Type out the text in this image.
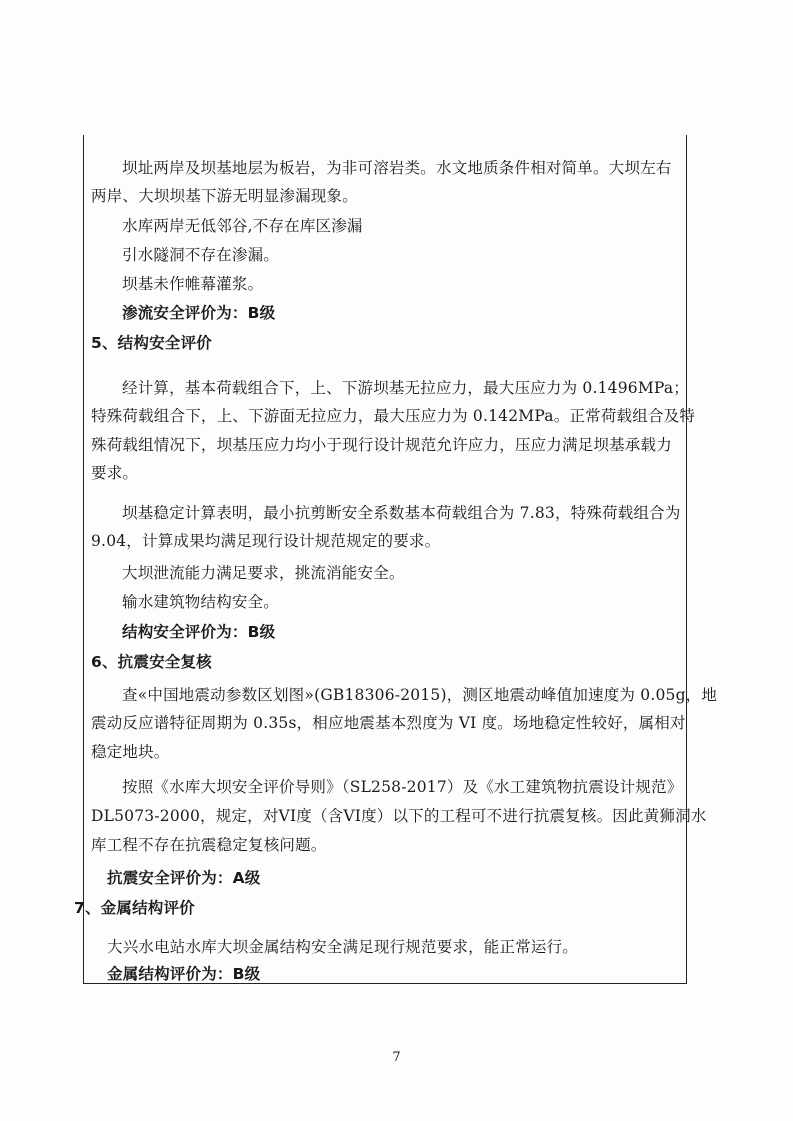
坝址两岸及坝基地层为板岩，为非可溶岩类。水文地质条件相对简单。大坝左右
两岸、大坝坝基下游无明显渗漏现象。
水库两岸无低邻谷,不存在库区渗漏
引水隧洞不存在渗漏。
坝基未作帷幕灌浆。
渗流安全评价为：B级
5、结构安全评价
经计算，基本荷载组合下，上、下游坝基无拉应力，最大压应力为 0.1496MPa；
特殊荷载组合下，上、下游面无拉应力，最大压应力为 0.142MPa。正常荷载组合及特
殊荷载组情况下，坝基压应力均小于现行设计规范允许应力，压应力满足坝基承载力
要求。
坝基稳定计算表明，最小抗剪断安全系数基本荷载组合为 7.83，特殊荷载组合为
9.04，计算成果均满足现行设计规范规定的要求。
大坝泄流能力满足要求，挑流消能安全。
输水建筑物结构安全。
结构安全评价为：B级
6、抗震安全复核
查«中国地震动参数区划图»(GB18306-2015)，测区地震动峰值加速度为 0.05g，地
震动反应谱特征周期为 0.35s，相应地震基本烈度为 VI 度。场地稳定性较好，属相对
稳定地块。
按照《水库大坝安全评价导则》（SL258-2017）及《水工建筑物抗震设计规范》
DL5073-2000，规定，对VI度（含VI度）以下的工程可不进行抗震复核。因此黄狮洞水
库工程不存在抗震稳定复核问题。
抗震安全评价为：A级
7、金属结构评价
大兴水电站水库大坝金属结构安全满足现行规范要求，能正常运行。
金属结构评价为：B级
7
